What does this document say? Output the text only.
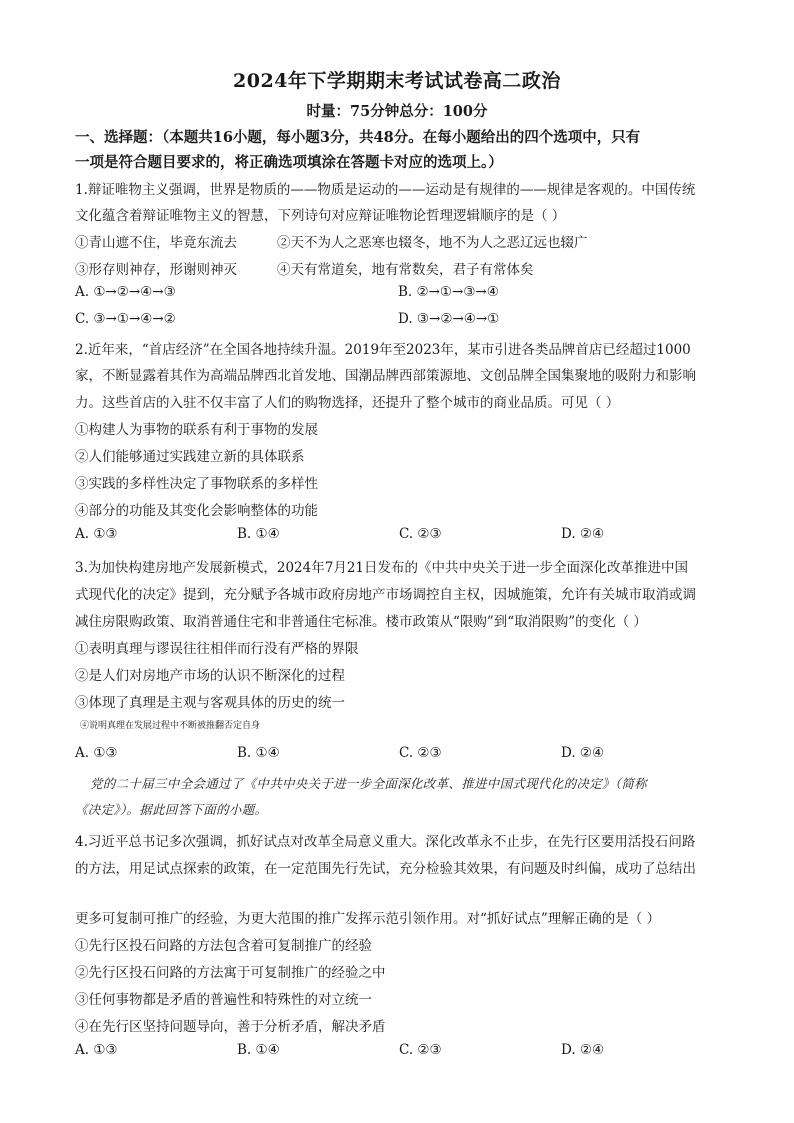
2024年下学期期末考试试卷高二政治
时量：75分钟总分：100分
一、选择题：（本题共16小题，每小题3分，共48分。在每小题给出的四个选项中，只有
一项是符合题目要求的，将正确选项填涂在答题卡对应的选项上。）
1.辩证唯物主义强调，世界是物质的——物质是运动的——运动是有规律的——规律是客观的。中国传统
文化蕴含着辩证唯物主义的智慧，下列诗句对应辩证唯物论哲理逻辑顺序的是（ ）
①青山遮不住，毕竟东流去	②天不为人之恶寒也辍冬，地不为人之恶辽远也辍广
③形存则神存，形谢则神灭	④天有常道矣，地有常数矣，君子有常体矣
A. ①→②→④→③	B. ②→①→③→④
C. ③→①→④→②	D. ③→②→④→①
2.近年来，“首店经济”在全国各地持续升温。2019年至2023年，某市引进各类品牌首店已经超过1000
家，不断显露着其作为高端品牌西北首发地、国潮品牌西部策源地、文创品牌全国集聚地的吸附力和影响
力。这些首店的入驻不仅丰富了人们的购物选择，还提升了整个城市的商业品质。可见（ ）
①构建人为事物的联系有利于事物的发展
②人们能够通过实践建立新的具体联系
③实践的多样性决定了事物联系的多样性
④部分的功能及其变化会影响整体的功能
A. ①③	B. ①④	C. ②③	D. ②④
3.为加快构建房地产发展新模式，2024年7月21日发布的《中共中央关于进一步全面深化改革推进中国
式现代化的决定》提到，充分赋予各城市政府房地产市场调控自主权，因城施策，允许有关城市取消或调
减住房限购政策、取消普通住宅和非普通住宅标准。楼市政策从“限购”到“取消限购”的变化（ ）
①表明真理与谬误往往相伴而行没有严格的界限
②是人们对房地产市场的认识不断深化的过程
③体现了真理是主观与客观具体的历史的统一
④说明真理在发展过程中不断被推翻否定自身
A. ①③	B. ①④	C. ②③	D. ②④
党的二十届三中全会通过了《中共中央关于进一步全面深化改革、推进中国式现代化的决定》（简称
《决定》）。据此回答下面的小题。
4.习近平总书记多次强调，抓好试点对改革全局意义重大。深化改革永不止步，在先行区要用活投石问路
的方法，用足试点探索的政策，在一定范围先行先试，充分检验其效果，有问题及时纠偏，成功了总结出
更多可复制可推广的经验，为更大范围的推广发挥示范引领作用。对“抓好试点”理解正确的是（ ）
①先行区投石问路的方法包含着可复制推广的经验
②先行区投石问路的方法寓于可复制推广的经验之中
③任何事物都是矛盾的普遍性和特殊性的对立统一
④在先行区坚持问题导向，善于分析矛盾，解决矛盾
A. ①③	B. ①④	C. ②③	D. ②④
